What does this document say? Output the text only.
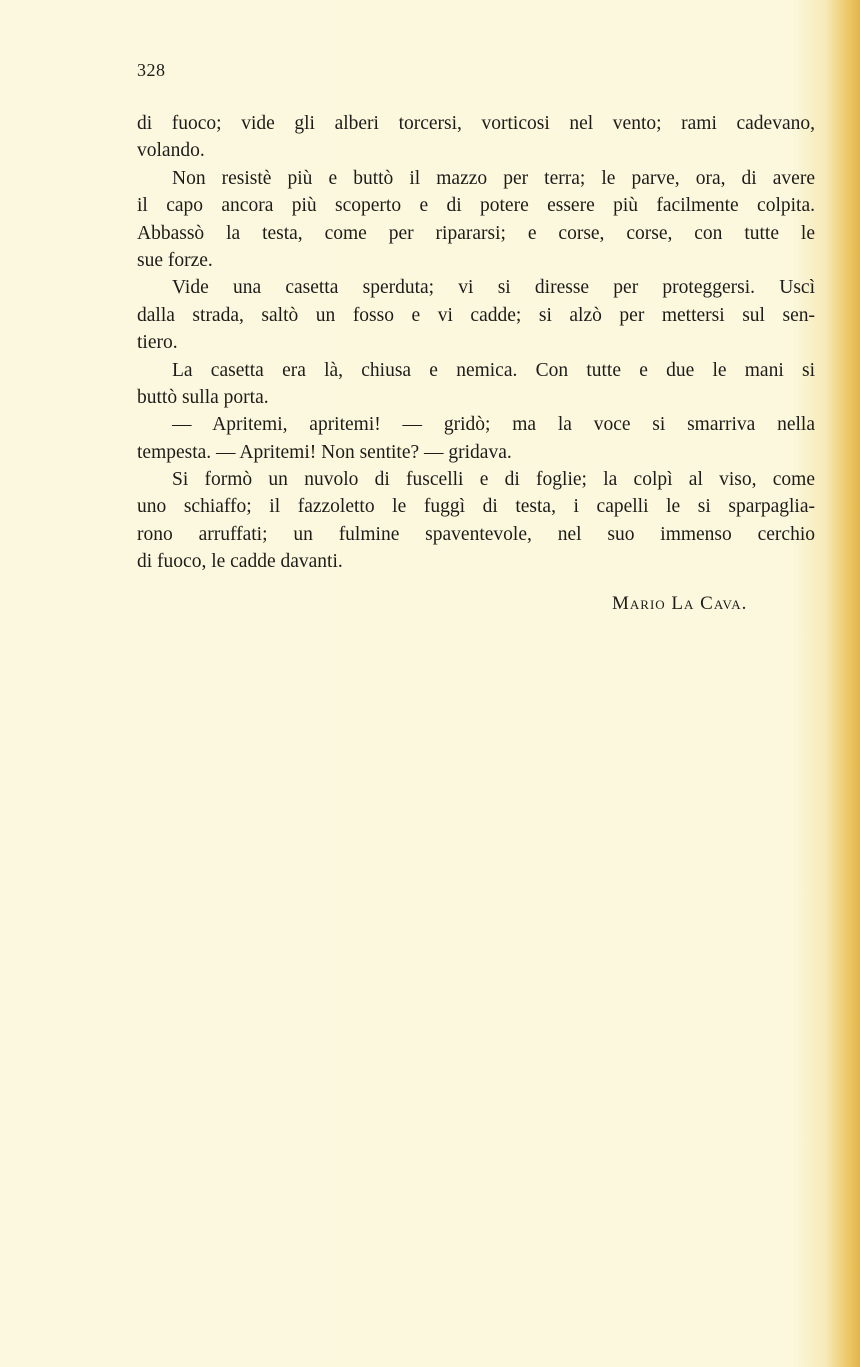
328
di fuoco; vide gli alberi torcersi, vorticosi nel vento; rami cadevano,
volando.
Non resistè più e buttò il mazzo per terra; le parve, ora, di avere
il capo ancora più scoperto e di potere essere più facilmente colpita.
Abbassò la testa, come per ripararsi; e corse, corse, con tutte le
sue forze.
Vide una casetta sperduta; vi si diresse per proteggersi. Uscì
dalla strada, saltò un fosso e vi cadde; si alzò per mettersi sul sen-
tiero.
La casetta era là, chiusa e nemica. Con tutte e due le mani si
buttò sulla porta.
— Apritemi, apritemi! — gridò; ma la voce si smarriva nella
tempesta. — Apritemi! Non sentite? — gridava.
Si formò un nuvolo di fuscelli e di foglie; la colpì al viso, come
uno schiaffo; il fazzoletto le fuggì di testa, i capelli le si sparpaglia-
rono arruffati; un fulmine spaventevole, nel suo immenso cerchio
di fuoco, le cadde davanti.
Mario La Cava.
